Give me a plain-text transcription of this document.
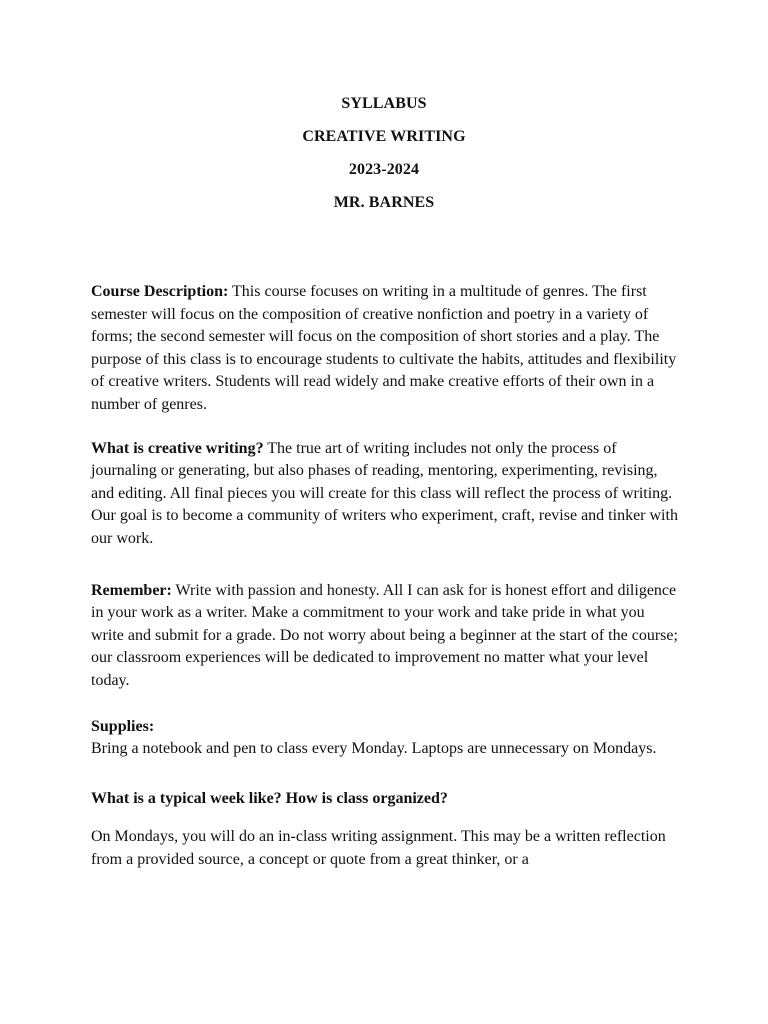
SYLLABUS
CREATIVE WRITING
2023-2024
MR. BARNES

Course Description: This course focuses on writing in a multitude of genres. The first semester will focus on the composition of creative nonfiction and poetry in a variety of forms; the second semester will focus on the composition of short stories and a play. The purpose of this class is to encourage students to cultivate the habits, attitudes and flexibility of creative writers. Students will read widely and make creative efforts of their own in a number of genres.

What is creative writing? The true art of writing includes not only the process of journaling or generating, but also phases of reading, mentoring, experimenting, revising, and editing. All final pieces you will create for this class will reflect the process of writing. Our goal is to become a community of writers who experiment, craft, revise and tinker with our work.

Remember: Write with passion and honesty. All I can ask for is honest effort and diligence in your work as a writer. Make a commitment to your work and take pride in what you write and submit for a grade. Do not worry about being a beginner at the start of the course; our classroom experiences will be dedicated to improvement no matter what your level today.

Supplies:

Bring a notebook and pen to class every Monday. Laptops are unnecessary on Mondays.

What is a typical week like? How is class organized?

On Mondays, you will do an in-class writing assignment. This may be a written reflection from a provided source, a concept or quote from a great thinker, or a
